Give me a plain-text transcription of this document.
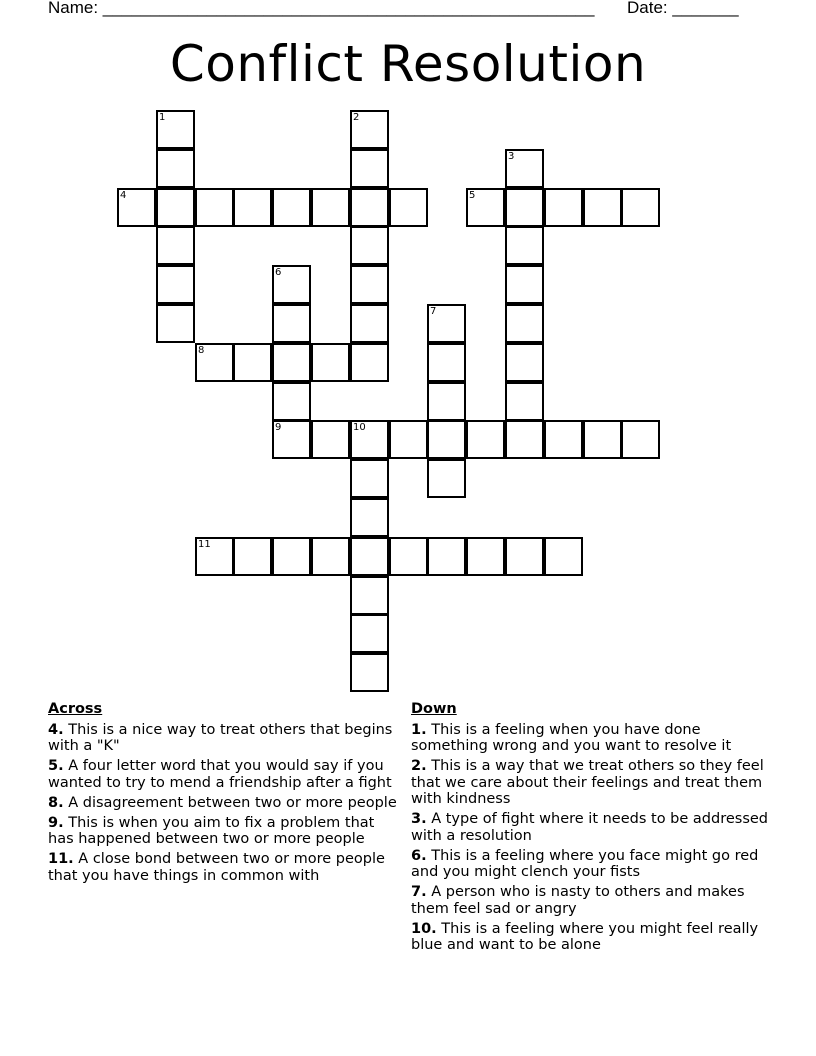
Name: ____________________________________________________ Date: _______
Conflict Resolution
1	2
3
4	5
6
7
8
9	10
11
Across
4. This is a nice way to treat others that begins with a "K"
5. A four letter word that you would say if you wanted to try to mend a friendship after a fight
8. A disagreement between two or more people
9. This is when you aim to fix a problem that has happened between two or more people
11. A close bond between two or more people that you have things in common with
Down
1. This is a feeling when you have done something wrong and you want to resolve it
2. This is a way that we treat others so they feel that we care about their feelings and treat them with kindness
3. A type of fight where it needs to be addressed with a resolution
6. This is a feeling where you face might go red and you might clench your fists
7. A person who is nasty to others and makes them feel sad or angry
10. This is a feeling where you might feel really blue and want to be alone
